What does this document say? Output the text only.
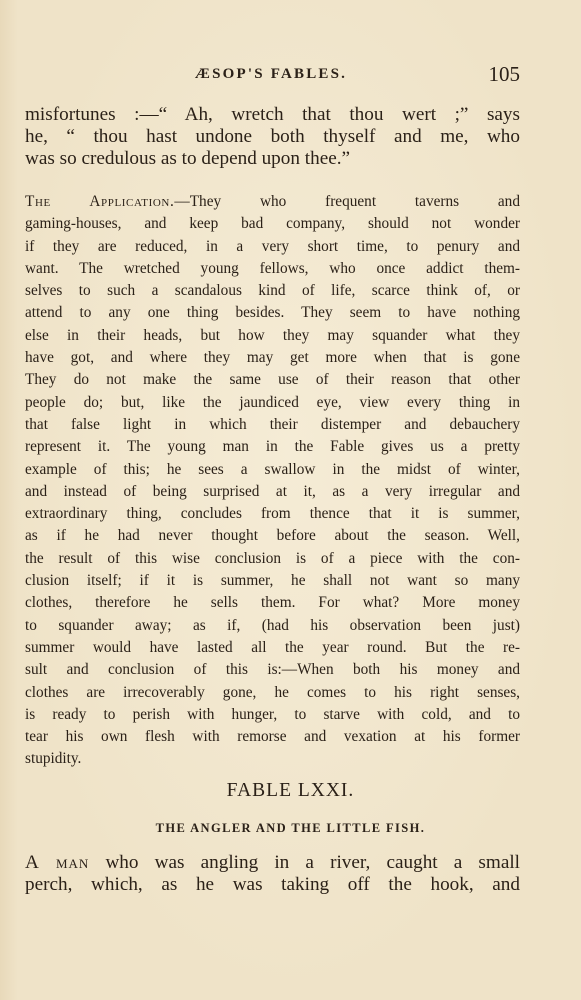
ÆSOP'S FABLES.	105
misfortunes :—“ Ah, wretch that thou wert ;” says
he, “ thou hast undone both thyself and me, who
was so credulous as to depend upon thee.”
The Application.—They who frequent taverns and
gaming-houses, and keep bad company, should not wonder
if they are reduced, in a very short time, to penury and
want. The wretched young fellows, who once addict them-
selves to such a scandalous kind of life, scarce think of, or
attend to any one thing besides. They seem to have nothing
else in their heads, but how they may squander what they
have got, and where they may get more when that is gone
They do not make the same use of their reason that other
people do; but, like the jaundiced eye, view every thing in
that false light in which their distemper and debauchery
represent it. The young man in the Fable gives us a pretty
example of this; he sees a swallow in the midst of winter,
and instead of being surprised at it, as a very irregular and
extraordinary thing, concludes from thence that it is summer,
as if he had never thought before about the season. Well,
the result of this wise conclusion is of a piece with the con-
clusion itself; if it is summer, he shall not want so many
clothes, therefore he sells them. For what? More money
to squander away; as if, (had his observation been just)
summer would have lasted all the year round. But the re-
sult and conclusion of this is:—When both his money and
clothes are irrecoverably gone, he comes to his right senses,
is ready to perish with hunger, to starve with cold, and to
tear his own flesh with remorse and vexation at his former
stupidity.
FABLE LXXI.
THE ANGLER AND THE LITTLE FISH.
A man who was angling in a river, caught a small
perch, which, as he was taking off the hook, and
